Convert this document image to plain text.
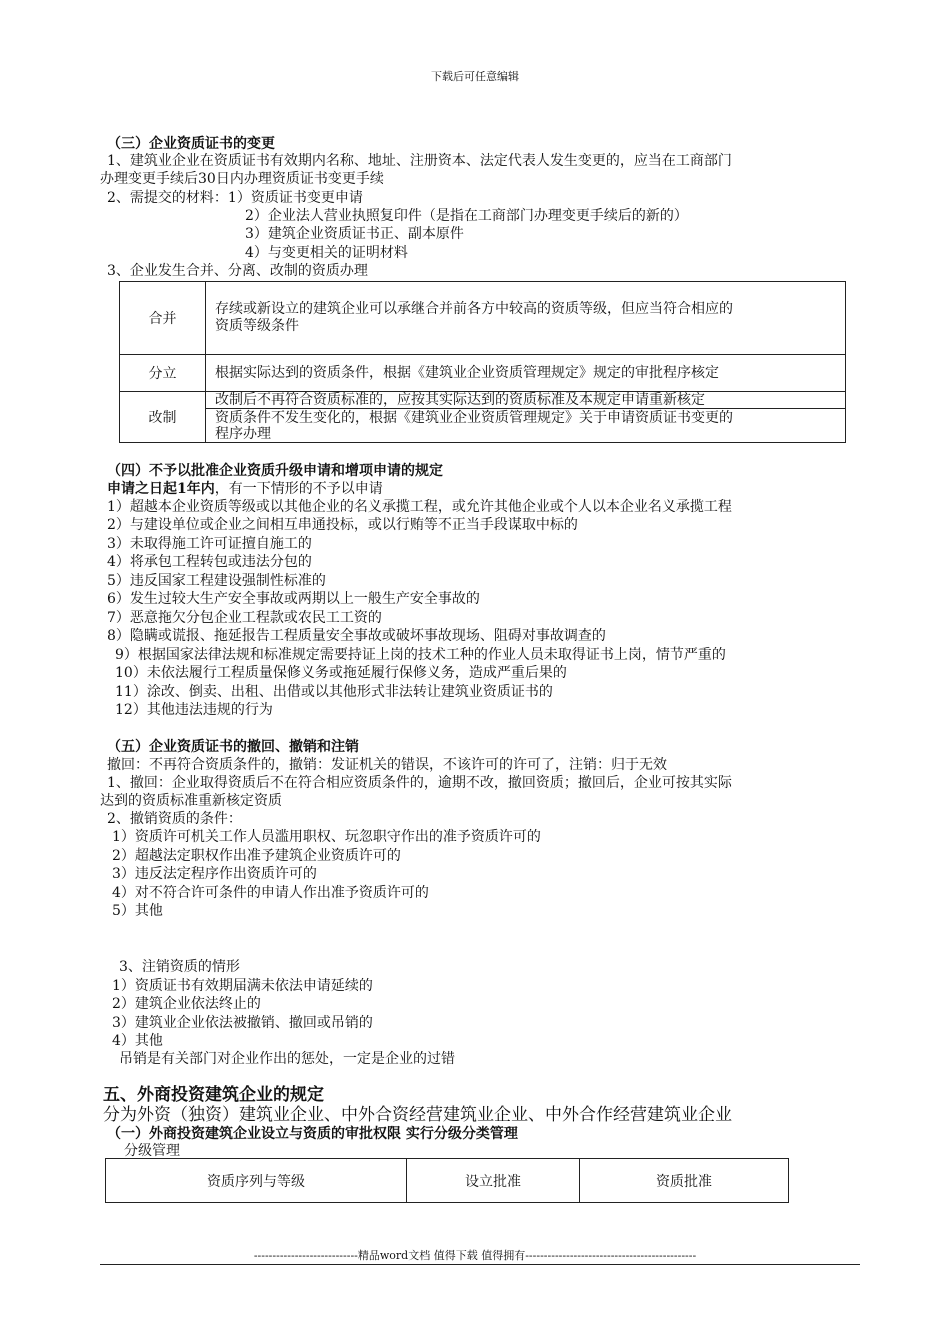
下载后可任意编辑
（三）企业资质证书的变更
1、建筑业企业在资质证书有效期内名称、地址、注册资本、法定代表人发生变更的，应当在工商部门
办理变更手续后30日内办理资质证书变更手续
2、需提交的材料：1）资质证书变更申请
2）企业法人营业执照复印件（是指在工商部门办理变更手续后的新的）
3）建筑企业资质证书正、副本原件
4）与变更相关的证明材料
3、企业发生合并、分离、改制的资质办理
合并	存续或新设立的建筑企业可以承继合并前各方中较高的资质等级，但应当符合相应的
资质等级条件

分立	根据实际达到的资质条件，根据《建筑业企业资质管理规定》规定的审批程序核定
改制	改制后不再符合资质标准的，应按其实际达到的资质标准及本规定申请重新核定

	资质条件不发生变化的，根据《建筑业企业资质管理规定》关于申请资质证书变更的
程序办理
（四）不予以批准企业资质升级申请和增项申请的规定
申请之日起1年内，有一下情形的不予以申请
1）超越本企业资质等级或以其他企业的名义承揽工程，或允许其他企业或个人以本企业名义承揽工程
2）与建设单位或企业之间相互串通投标，或以行贿等不正当手段谋取中标的
3）未取得施工许可证擅自施工的
4）将承包工程转包或违法分包的
5）违反国家工程建设强制性标准的
6）发生过较大生产安全事故或两期以上一般生产安全事故的
7）恶意拖欠分包企业工程款或农民工工资的
8）隐瞒或谎报、拖延报告工程质量安全事故或破坏事故现场、阻碍对事故调查的
9）根据国家法律法规和标准规定需要持证上岗的技术工种的作业人员未取得证书上岗，情节严重的
10）未依法履行工程质量保修义务或拖延履行保修义务，造成严重后果的
11）涂改、倒卖、出租、出借或以其他形式非法转让建筑业资质证书的
12）其他违法违规的行为
（五）企业资质证书的撤回、撤销和注销
撤回：不再符合资质条件的，撤销：发证机关的错误，不该许可的许可了，注销：归于无效
1、撤回：企业取得资质后不在符合相应资质条件的，逾期不改，撤回资质；撤回后，企业可按其实际
达到的资质标准重新核定资质
2、撤销资质的条件：
1）资质许可机关工作人员滥用职权、玩忽职守作出的准予资质许可的
2）超越法定职权作出准予建筑企业资质许可的
3）违反法定程序作出资质许可的
4）对不符合许可条件的申请人作出准予资质许可的
5）其他
3、注销资质的情形
1）资质证书有效期届满未依法申请延续的
2）建筑企业依法终止的
3）建筑业企业依法被撤销、撤回或吊销的
4）其他
吊销是有关部门对企业作出的惩处，一定是企业的过错
五、外商投资建筑企业的规定
分为外资（独资）建筑业企业、中外合资经营建筑业企业、中外合作经营建筑业企业
（一）外商投资建筑企业设立与资质的审批权限 实行分级分类管理
分级管理
资质序列与等级	设立批准	资质批准
----------------------------精品word文档 值得下载 值得拥有----------------------------------------------
